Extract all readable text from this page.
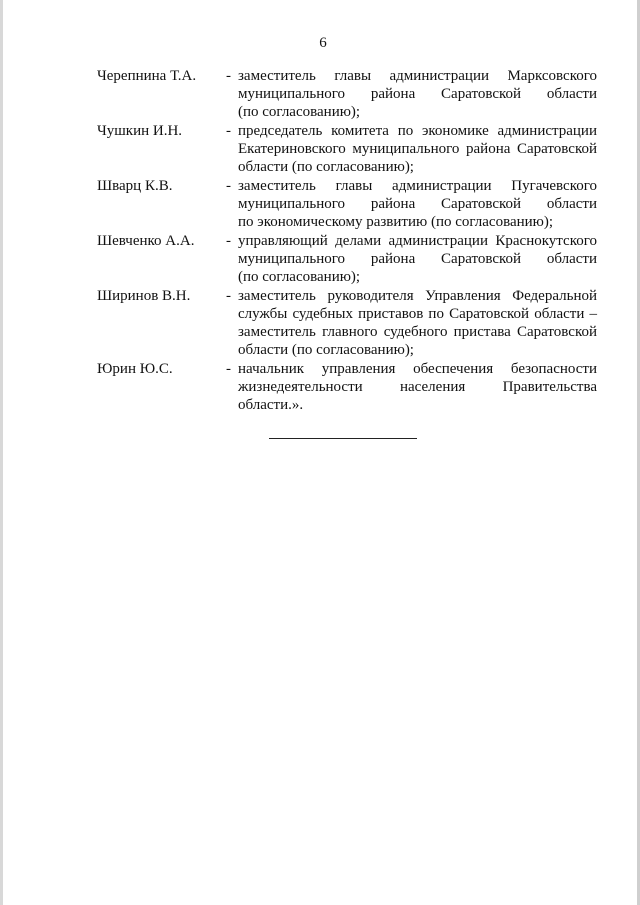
6
Черепнина Т.А.	- заместитель главы администрации Марксовского
муниципального района Саратовской области
(по согласованию);
Чушкин И.Н.	- председатель комитета по экономике администрации
Екатериновского муниципального района Саратовской
области (по согласованию);
Шварц К.В.	- заместитель главы администрации Пугачевского
муниципального района Саратовской области
по экономическому развитию (по согласованию);
Шевченко А.А.	- управляющий делами администрации Краснокутского
муниципального района Саратовской области
(по согласованию);
Ширинов В.Н.	- заместитель руководителя Управления Федеральной
службы судебных приставов по Саратовской области –
заместитель главного судебного пристава Саратовской
области (по согласованию);
Юрин Ю.С.	- начальник управления обеспечения безопасности
жизнедеятельности населения Правительства области.».
